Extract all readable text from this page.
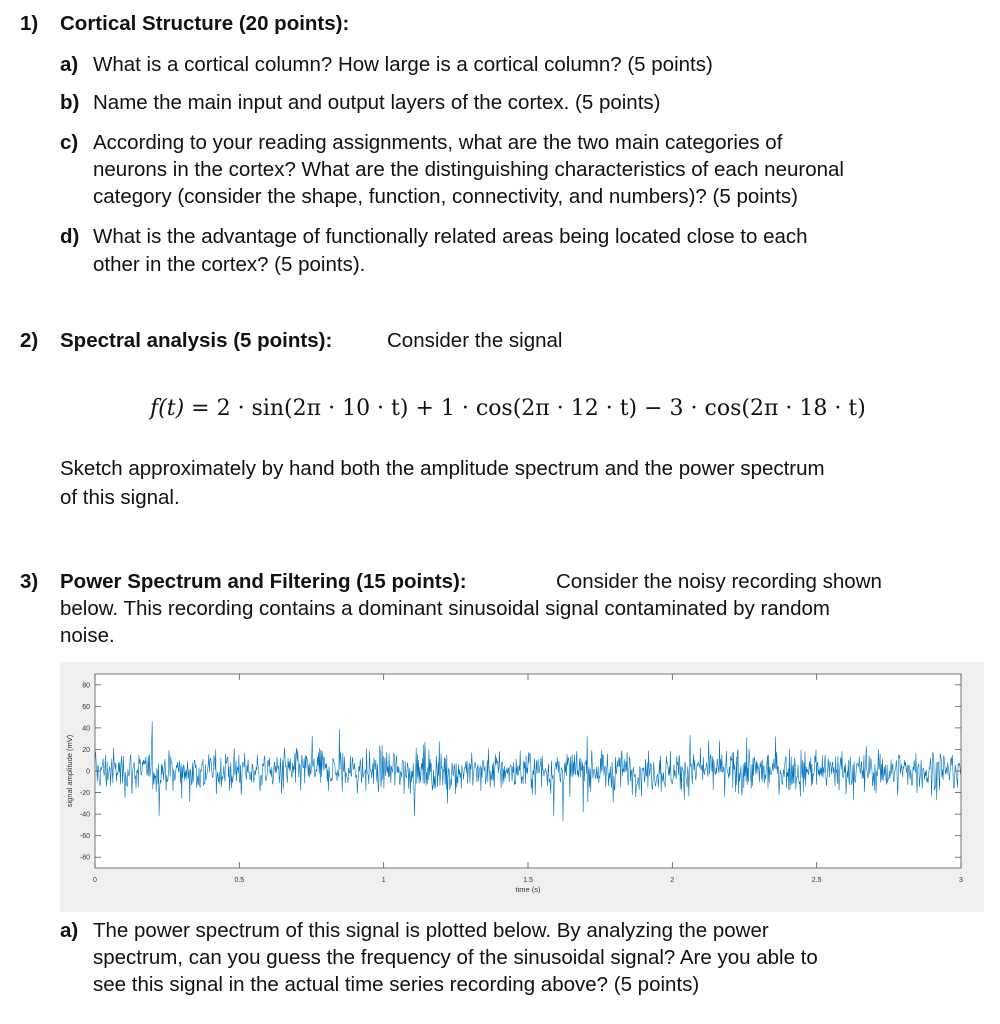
1) Cortical Structure (20 points):
a) What is a cortical column? How large is a cortical column? (5 points)
b) Name the main input and output layers of the cortex. (5 points)
c) According to your reading assignments, what are the two main categories of
neurons in the cortex? What are the distinguishing characteristics of each neuronal
category (consider the shape, function, connectivity, and numbers)? (5 points)
d) What is the advantage of functionally related areas being located close to each
other in the cortex? (5 points).
2) Spectral analysis (5 points):	Consider the signal
f(t) = 2 · sin(2π · 10 · t) + 1 · cos(2π · 12 · t) − 3 · cos(2π · 18 · t)
Sketch approximately by hand both the amplitude spectrum and the power spectrum
of this signal.
3) Power Spectrum and Filtering (15 points):	Consider the noisy recording shown
below. This recording contains a dominant sinusoidal signal contaminated by random
noise.
0	0.5	1	1.5	2	2.5	3
80
60
40
20
0
-20
-40
-60
-80
time (s)
signal amplitude (mV)
a) The power spectrum of this signal is plotted below. By analyzing the power
spectrum, can you guess the frequency of the sinusoidal signal? Are you able to
see this signal in the actual time series recording above? (5 points)
